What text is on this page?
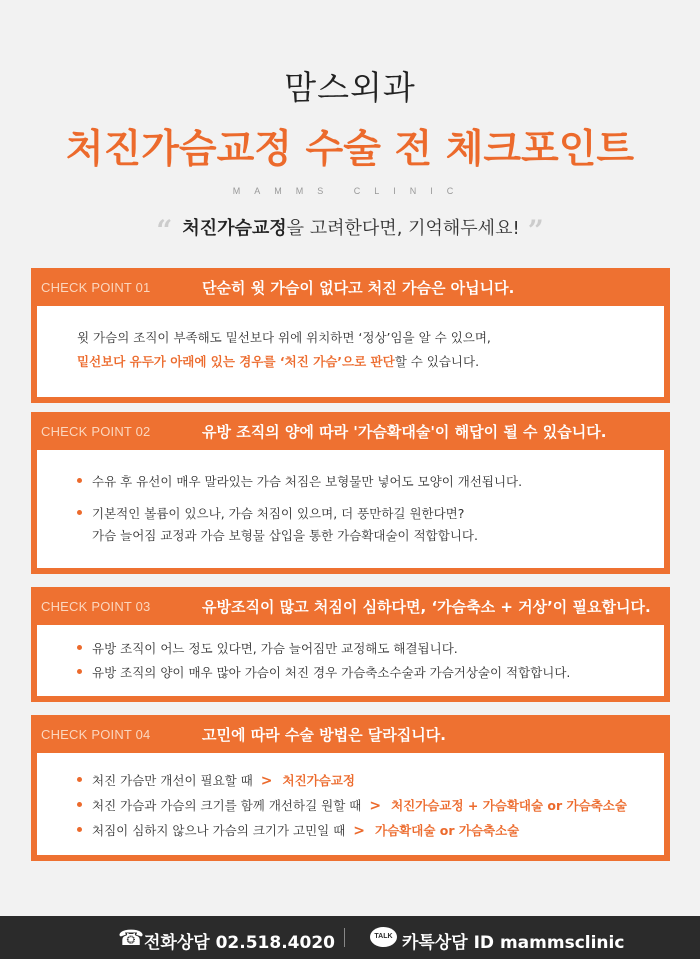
맘스외과
처진가슴교정 수술 전 체크포인트
MAMMS CLINIC
“ 처진가슴교정을 고려한다면, 기억해두세요! ”
CHECK POINT 01	단순히 윗 가슴이 없다고 처진 가슴은 아닙니다.
윗 가슴의 조직이 부족해도 밑선보다 위에 위치하면 ‘정상’임을 알 수 있으며,
밑선보다 유두가 아래에 있는 경우를 ‘처진 가슴’으로 판단할 수 있습니다.
CHECK POINT 02	유방 조직의 양에 따라 '가슴확대술'이 해답이 될 수 있습니다.
수유 후 유선이 매우 말라있는 가슴 처짐은 보형물만 넣어도 모양이 개선됩니다.
기본적인 볼륨이 있으나, 가슴 처짐이 있으며, 더 풍만하길 원한다면?
가슴 늘어짐 교정과 가슴 보형물 삽입을 통한 가슴확대술이 적합합니다.
CHECK POINT 03	유방조직이 많고 처짐이 심하다면, ‘가슴축소 + 거상’이 필요합니다.
유방 조직이 어느 정도 있다면, 가슴 늘어짐만 교정해도 해결됩니다.
유방 조직의 양이 매우 많아 가슴이 처진 경우 가슴축소수술과 가슴거상술이 적합합니다.
CHECK POINT 04	고민에 따라 수술 방법은 달라집니다.
처진 가슴만 개선이 필요할 때 > 처진가슴교정
처진 가슴과 가슴의 크기를 함께 개선하길 원할 때 > 처진가슴교정 + 가슴확대술 or 가슴축소술
처짐이 심하지 않으나 가슴의 크기가 고민일 때 > 가슴확대술 or 가슴축소술
☎ 전화상담 02.518.4020	TALK 카톡상담 ID mammsclinic
